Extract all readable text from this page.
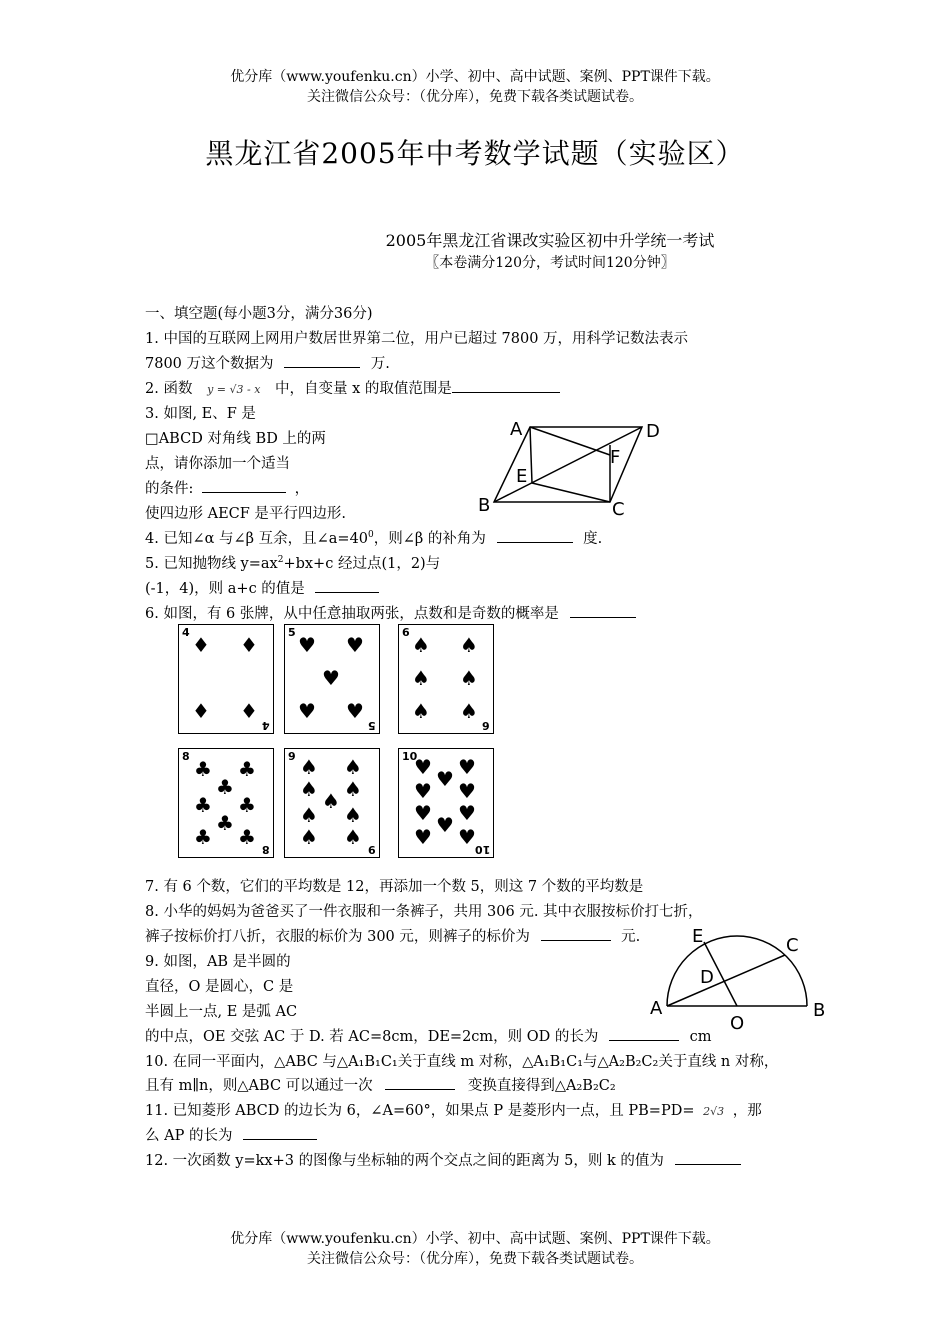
优分库（www.youfenku.cn）小学、初中、高中试题、案例、PPT课件下载。
关注微信公众号：（优分库），免费下载各类试题试卷。
黑龙江省2005年中考数学试题（实验区）
2005年黑龙江省课改实验区初中升学统一考试
〖本卷满分120分，考试时间120分钟〗
一、填空题(每小题3分，满分36分)
1. 中国的互联网上网用户数居世界第二位，用户已超过 7800 万，用科学记数法表示
7800 万这个数据为	万.
2. 函数 y = √3 - x 中，自变量 x 的取值范围是
3. 如图, E、F 是
□ABCD 对角线 BD 上的两
点，请你添加一个适当
的条件:	，
使四边形 AECF 是平行四边形.
A	D
B	C
E
F
4. 已知∠α 与∠β 互余，且$\angle a=40^0$，则∠β 的补角为	度.
5. 已知抛物线 $y=ax^2+bx+c$ 经过点(1，2)与
(-1，4)，则 a+c 的值是
6. 如图，有 6 张牌，从中任意抽取两张，点数和是奇数的概率是
4
4
♦ ♦
♦ ♦
5
5
♥ ♥
♥
♥ ♥
6
6
♠ ♠
♠ ♠
♠ ♠
8
8
♣ ♣
♣
♣ ♣
♣
♣ ♣
9
9
♠ ♠
♠ ♠
♠
♠ ♠
♠ ♠
10
10
♥ ♥
♥
♥ ♥
♥ ♥
♥
♥ ♥
7. 有 6 个数，它们的平均数是 12，再添加一个数 5，则这 7 个数的平均数是
8. 小华的妈妈为爸爸买了一件衣服和一条裤子，共用 306 元. 其中衣服按标价打七折，
裤子按标价打八折，衣服的标价为 300 元，则裤子的标价为	元.
9. 如图，AB 是半圆的
直径，O 是圆心，C 是
半圆上一点, E 是弧 AC
的中点，OE 交弦 AC 于 D. 若 AC=8cm，DE=2cm，则 OD 的长为	cm
E	C
D
A	B
O
10. 在同一平面内，△ABC 与△A₁B₁C₁关于直线 m 对称，△A₁B₁C₁与△A₂B₂C₂关于直线 n 对称，
且有 m∥n，则△ABC 可以通过一次	变换直接得到△A₂B₂C₂
11. 已知菱形 ABCD 的边长为 6，∠A=60°，如果点 P 是菱形内一点，且 PB=PD= 2√3 ，那
么 AP 的长为
12. 一次函数 y=kx+3 的图像与坐标轴的两个交点之间的距离为 5，则 k 的值为
优分库（www.youfenku.cn）小学、初中、高中试题、案例、PPT课件下载。
关注微信公众号：（优分库），免费下载各类试题试卷。
